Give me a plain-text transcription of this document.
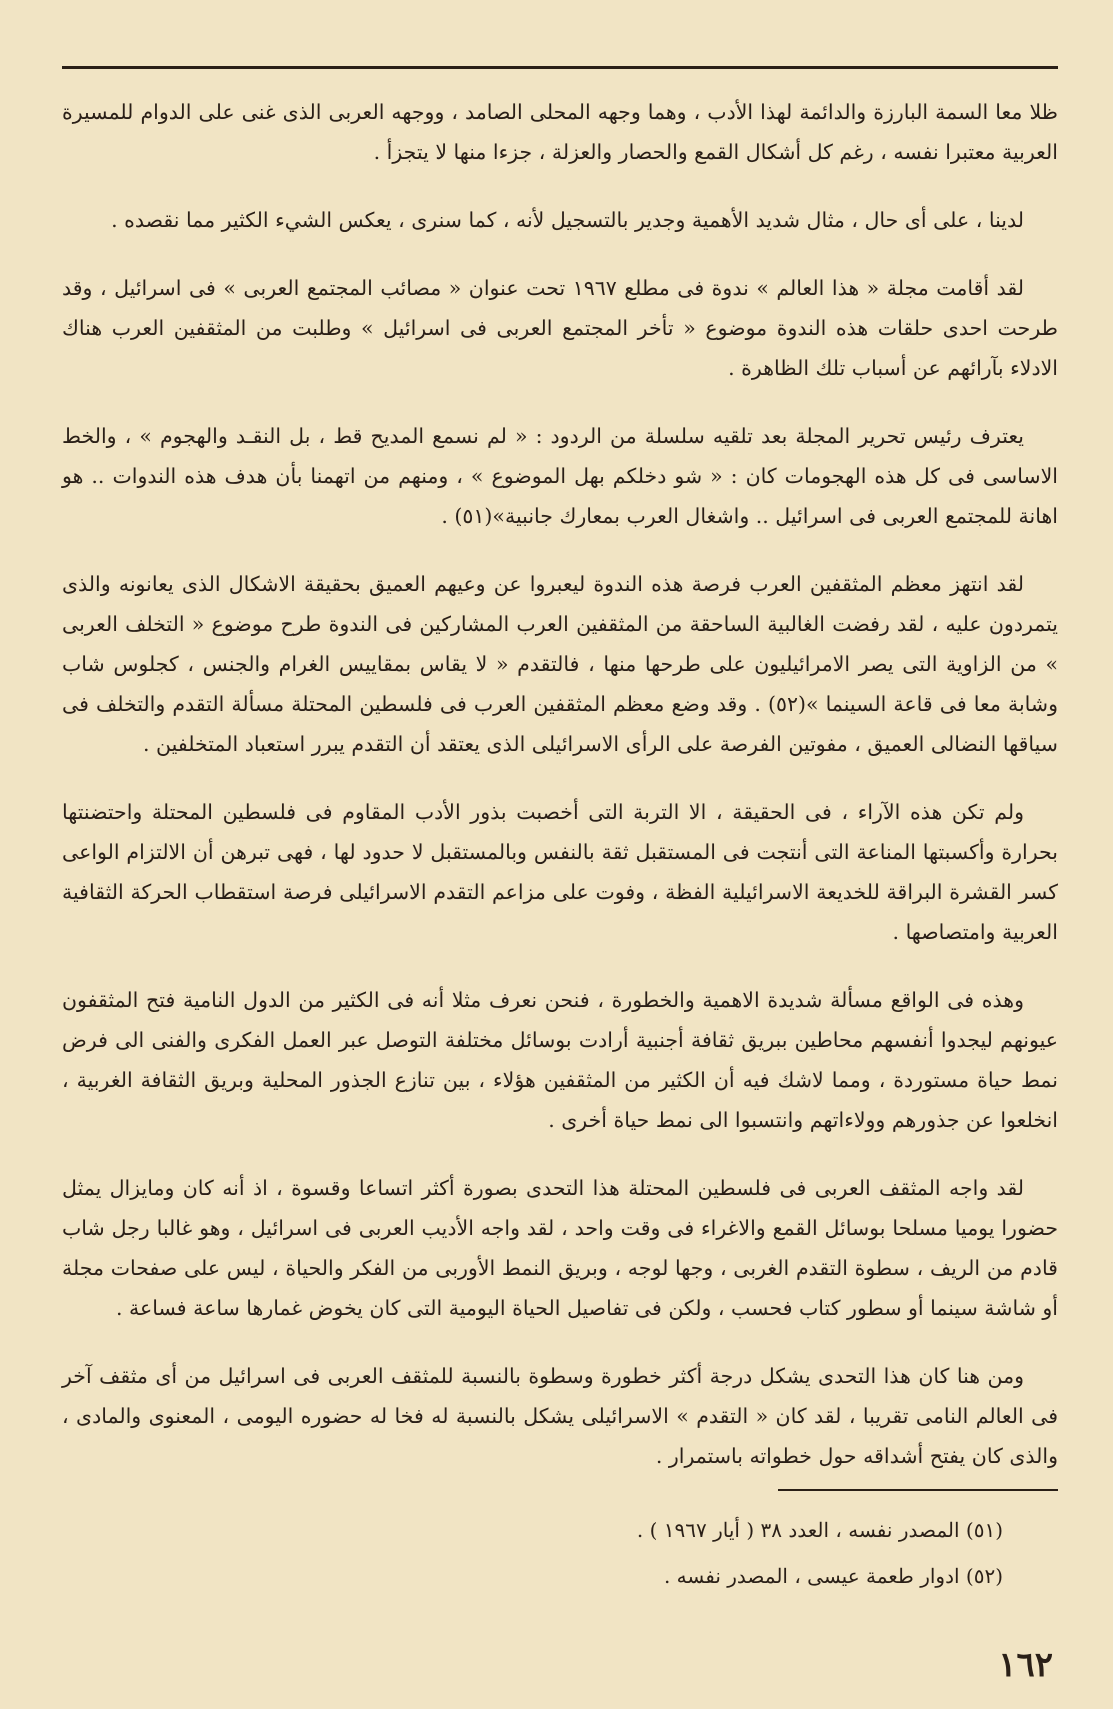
ظلا معا السمة البارزة والدائمة لهذا الأدب ، وهما وجهه المحلى الصامد ، ووجهه العربى الذى غنى على الدوام للمسيرة العربية معتبرا نفسه ، رغم كل أشكال القمع والحصار والعزلة ، جزءا منها لا يتجزأ .

لدينا ، على أى حال ، مثال شديد الأهمية وجدير بالتسجيل لأنه ، كما سنرى ، يعكس الشيء الكثير مما نقصده .

لقد أقامت مجلة « هذا العالم » ندوة فى مطلع ١٩٦٧ تحت عنوان « مصائب المجتمع العربى » فى اسرائيل ، وقد طرحت احدى حلقات هذه الندوة موضوع « تأخر المجتمع العربى فى اسرائيل » وطلبت من المثقفين العرب هناك الادلاء بآرائهم عن أسباب تلك الظاهرة .

يعترف رئيس تحرير المجلة بعد تلقيه سلسلة من الردود : « لم نسمع المديح قط ، بل النقـد والهجوم » ، والخط الاساسى فى كل هذه الهجومات كان : « شو دخلكم بهل الموضوع » ، ومنهم من اتهمنا بأن هدف هذه الندوات .. هو اهانة للمجتمع العربى فى اسرائيل .. واشغال العرب بمعارك جانبية»(٥١) .

لقد انتهز معظم المثقفين العرب فرصة هذه الندوة ليعبروا عن وعيهم العميق بحقيقة الاشكال الذى يعانونه والذى يتمردون عليه ، لقد رفضت الغالبية الساحقة من المثقفين العرب المشاركين فى الندوة طرح موضوع « التخلف العربى » من الزاوية التى يصر الامرائيليون على طرحها منها ، فالتقدم « لا يقاس بمقاييس الغرام والجنس ، كجلوس شاب وشابة معا فى قاعة السينما »(٥٢) . وقد وضع معظم المثقفين العرب فى فلسطين المحتلة مسألة التقدم والتخلف فى سياقها النضالى العميق ، مفوتين الفرصة على الرأى الاسرائيلى الذى يعتقد أن التقدم يبرر استعباد المتخلفين .

ولم تكن هذه الآراء ، فى الحقيقة ، الا التربة التى أخصبت بذور الأدب المقاوم فى فلسطين المحتلة واحتضنتها بحرارة وأكسبتها المناعة التى أنتجت فى المستقبل ثقة بالنفس وبالمستقبل لا حدود لها ، فهى تبرهن أن الالتزام الواعى كسر القشرة البراقة للخديعة الاسرائيلية الفظة ، وفوت على مزاعم التقدم الاسرائيلى فرصة استقطاب الحركة الثقافية العربية وامتصاصها .

وهذه فى الواقع مسألة شديدة الاهمية والخطورة ، فنحن نعرف مثلا أنه فى الكثير من الدول النامية فتح المثقفون عيونهم ليجدوا أنفسهم محاطين ببريق ثقافة أجنبية أرادت بوسائل مختلفة التوصل عبر العمل الفكرى والفنى الى فرض نمط حياة مستوردة ، ومما لاشك فيه أن الكثير من المثقفين هؤلاء ، بين تنازع الجذور المحلية وبريق الثقافة الغربية ، انخلعوا عن جذورهم وولاءاتهم وانتسبوا الى نمط حياة أخرى .

لقد واجه المثقف العربى فى فلسطين المحتلة هذا التحدى بصورة أكثر اتساعا وقسوة ، اذ أنه كان ومايزال يمثل حضورا يوميا مسلحا بوسائل القمع والاغراء فى وقت واحد ، لقد واجه الأديب العربى فى اسرائيل ، وهو غالبا رجل شاب قادم من الريف ، سطوة التقدم الغربى ، وجها لوجه ، وبريق النمط الأوربى من الفكر والحياة ، ليس على صفحات مجلة أو شاشة سينما أو سطور كتاب فحسب ، ولكن فى تفاصيل الحياة اليومية التى كان يخوض غمارها ساعة فساعة .

ومن هنا كان هذا التحدى يشكل درجة أكثر خطورة وسطوة بالنسبة للمثقف العربى فى اسرائيل من أى مثقف آخر فى العالم النامى تقريبا ، لقد كان « التقدم » الاسرائيلى يشكل بالنسبة له فخا له حضوره اليومى ، المعنوى والمادى ، والذى كان يفتح أشداقه حول خطواته باستمرار .

(٥١) المصدر نفسه ، العدد ٣٨ ( أيار ١٩٦٧ ) .
(٥٢) ادوار طعمة عيسى ، المصدر نفسه .
١٦٢
